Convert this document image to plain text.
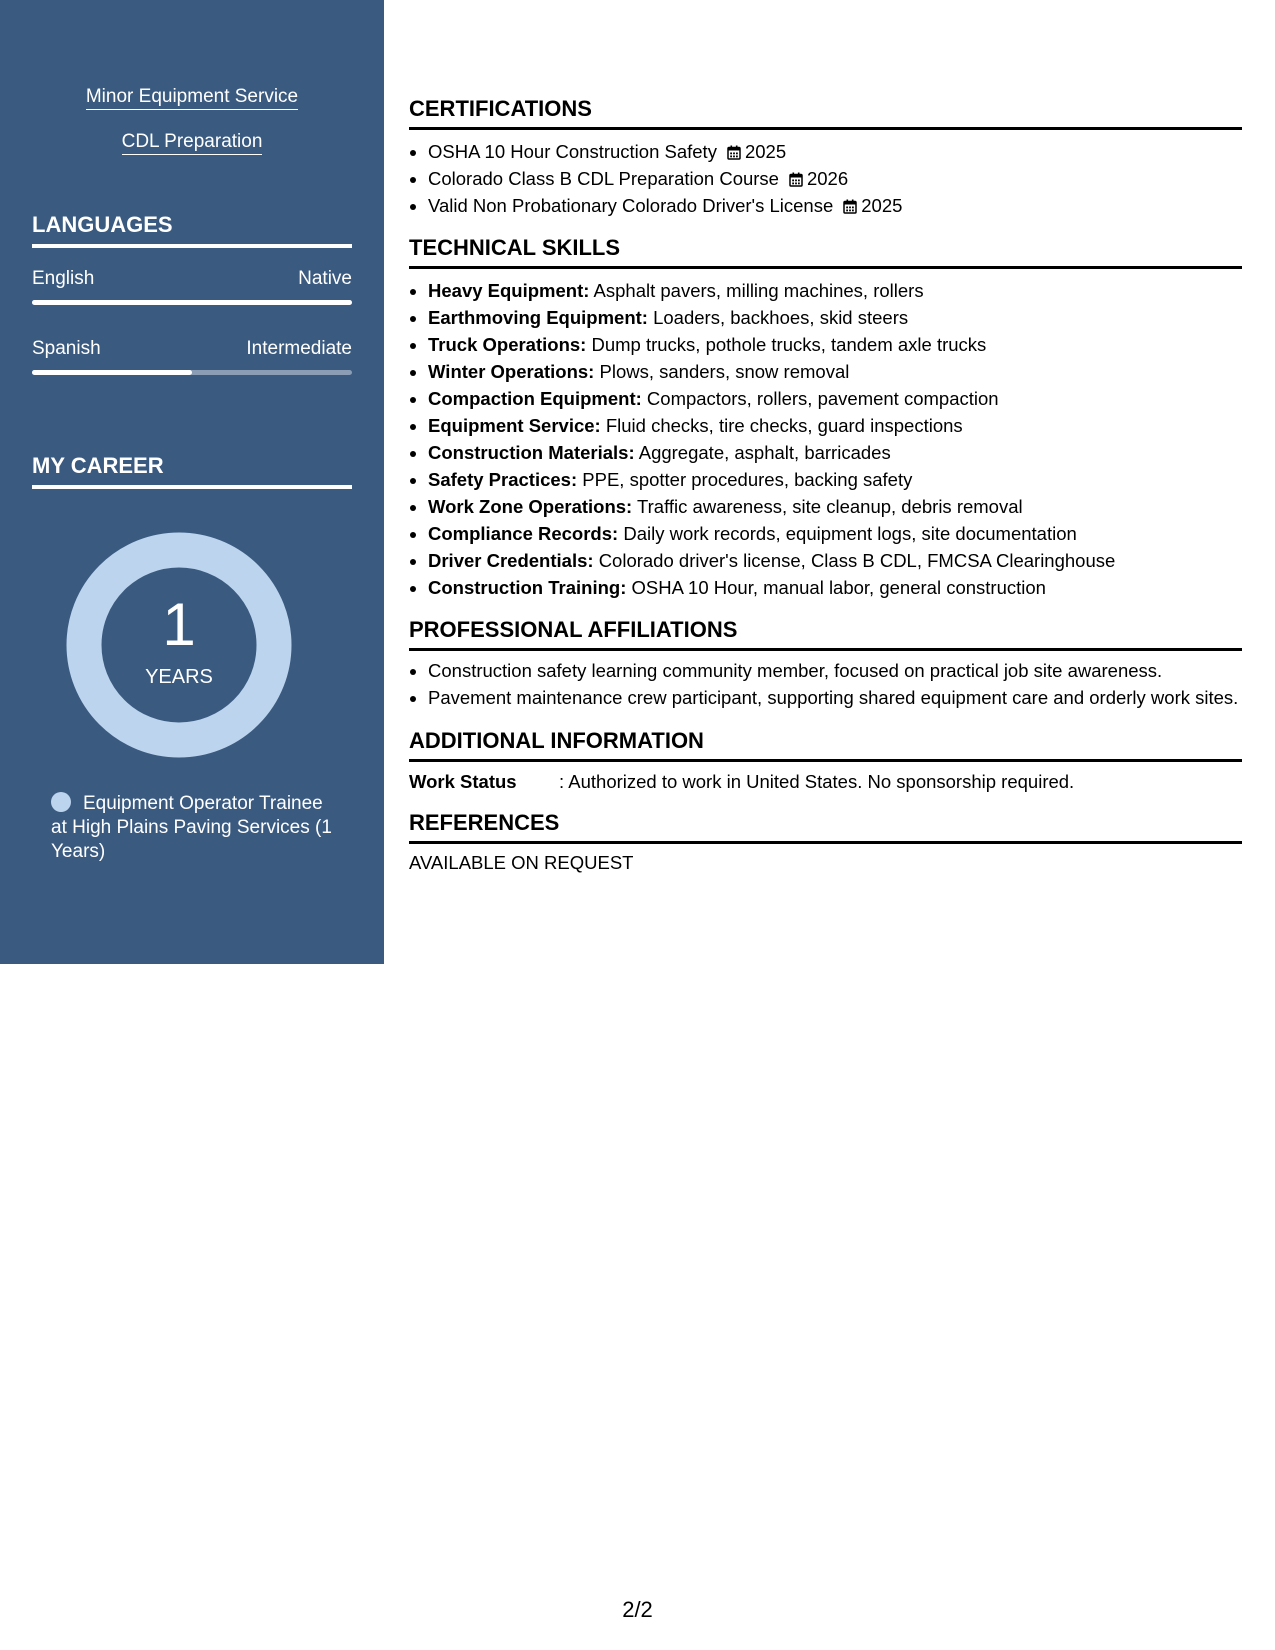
Minor Equipment Service
CDL Preparation
LANGUAGES
English	Native
Spanish	Intermediate
MY CAREER
1
YEARS
Equipment Operator Trainee at High Plains Paving Services (1 Years)
CERTIFICATIONS
• OSHA 10 Hour Construction Safety 2025
• Colorado Class B CDL Preparation Course 2026
• Valid Non Probationary Colorado Driver's License 2025
TECHNICAL SKILLS
• Heavy Equipment: Asphalt pavers, milling machines, rollers
• Earthmoving Equipment: Loaders, backhoes, skid steers
• Truck Operations: Dump trucks, pothole trucks, tandem axle trucks
• Winter Operations: Plows, sanders, snow removal
• Compaction Equipment: Compactors, rollers, pavement compaction
• Equipment Service: Fluid checks, tire checks, guard inspections
• Construction Materials: Aggregate, asphalt, barricades
• Safety Practices: PPE, spotter procedures, backing safety
• Work Zone Operations: Traffic awareness, site cleanup, debris removal
• Compliance Records: Daily work records, equipment logs, site documentation
• Driver Credentials: Colorado driver's license, Class B CDL, FMCSA Clearinghouse
• Construction Training: OSHA 10 Hour, manual labor, general construction
PROFESSIONAL AFFILIATIONS
• Construction safety learning community member, focused on practical job site awareness.
• Pavement maintenance crew participant, supporting shared equipment care and orderly work sites.
ADDITIONAL INFORMATION
Work Status	: Authorized to work in United States. No sponsorship required.
REFERENCES
AVAILABLE ON REQUEST
2/2
